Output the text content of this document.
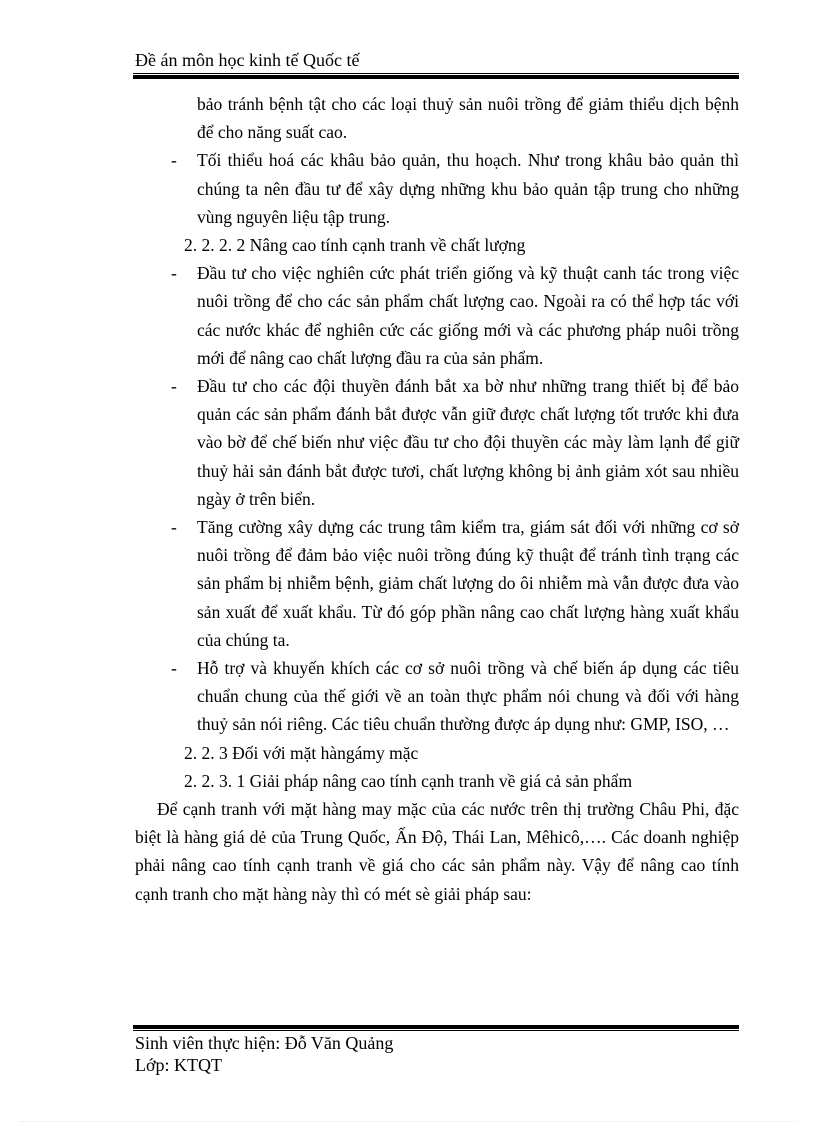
Đề án môn học kinh tế Quốc tế

bảo tránh bệnh tật cho các loại thuỷ sản nuôi trồng để giảm thiểu dịch bệnh để cho năng suất cao.

- Tối thiểu hoá các khâu bảo quản, thu hoạch. Như trong khâu bảo quản thì chúng ta nên đầu tư để xây dựng những khu bảo quản tập trung cho những vùng nguyên liệu tập trung.

2. 2. 2. 2 Nâng cao tính cạnh tranh về chất lượng

- Đầu tư cho việc nghiên cức phát triển giống và kỹ thuật canh tác trong việc nuôi trồng để cho các sản phẩm chất lượng cao. Ngoài ra có thể hợp tác với các nước khác để nghiên cức các giống mới và các phương pháp nuôi trồng mới để nâng cao chất lượng đầu ra của sản phẩm.

- Đầu tư cho các đội thuyền đánh bắt xa bờ như những trang thiết bị để bảo quản các sản phẩm đánh bắt được vẫn giữ được chất lượng tốt trước khi đưa vào bờ để chế biến như việc đầu tư cho đội thuyền các mày làm lạnh để giữ thuỷ hải sản đánh bắt được tươi, chất lượng không bị ảnh giảm xót sau nhiều ngày ở trên biển.

- Tăng cường xây dựng các trung tâm kiểm tra, giám sát đối với những cơ sở nuôi trồng để đảm bảo việc nuôi trồng đúng kỹ thuật để tránh tình trạng các sản phẩm bị nhiễm bệnh, giảm chất lượng do ôi nhiễm mà vẫn được đưa vào sản xuất để xuất khẩu. Từ đó góp phần nâng cao chất lượng hàng xuất khẩu của chúng ta.

- Hỗ trợ và khuyến khích các cơ sở nuôi trồng và chế biến áp dụng các tiêu chuẩn chung của thế giới về an toàn thực phẩm nói chung và đối với hàng thuỷ sản nói riêng. Các tiêu chuẩn thường được áp dụng như: GMP, ISO, …

2. 2. 3 Đối với mặt hàngámy mặc

2. 2. 3. 1 Giải pháp nâng cao tính cạnh tranh về giá cả sản phẩm

Để cạnh tranh với mặt hàng may mặc của các nước trên thị trường Châu Phi, đặc biệt là hàng giá dẻ của Trung Quốc, Ấn Độ, Thái Lan, Mêhicô,…. Các doanh nghiệp phải nâng cao tính cạnh tranh về giá cho các sản phẩm này. Vậy để nâng cao tính cạnh tranh cho mặt hàng này thì có mét sè giải pháp sau:

Sinh viên thực hiện: Đỗ Văn Quảng
Lớp: KTQT
